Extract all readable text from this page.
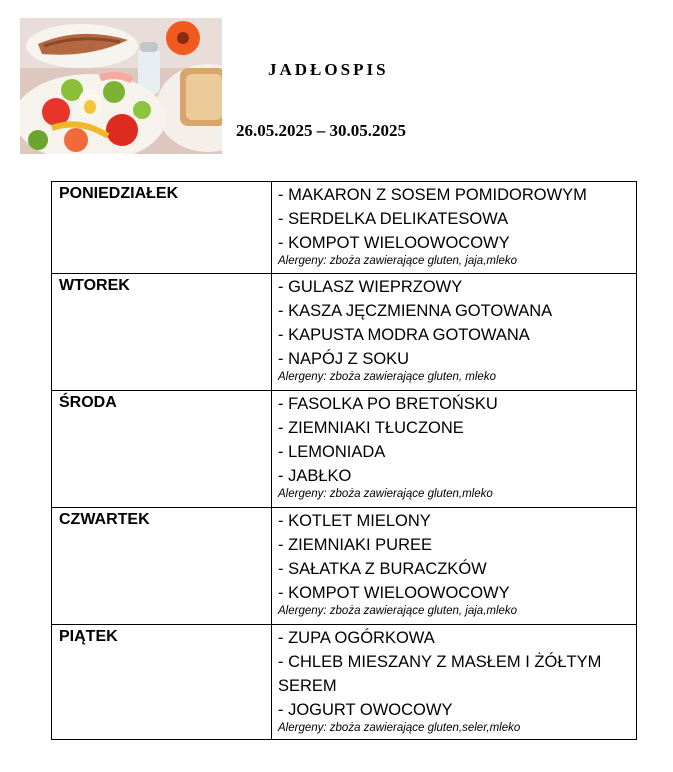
JADŁOSPIS
26.05.2025 – 30.05.2025
PONIEDZIAŁEK	- MAKARON Z SOSEM POMIDOROWYM
- SERDELKA DELIKATESOWA
- KOMPOT WIELOOWOCOWY
Alergeny: zboża zawierające gluten, jaja,mleko

WTOREK	- GULASZ WIEPRZOWY
- KASZA JĘCZMIENNA GOTOWANA
- KAPUSTA MODRA GOTOWANA
- NAPÓJ Z SOKU
Alergeny: zboża zawierające gluten, mleko

ŚRODA	- FASOLKA PO BRETOŃSKU
- ZIEMNIAKI TŁUCZONE
- LEMONIADA
- JABŁKO
Alergeny: zboża zawierające gluten,mleko

CZWARTEK	- KOTLET MIELONY
- ZIEMNIAKI PUREE
- SAŁATKA Z BURACZKÓW
- KOMPOT WIELOOWOCOWY
Alergeny: zboża zawierające gluten, jaja,mleko

PIĄTEK	- ZUPA OGÓRKOWA
- CHLEB MIESZANY Z MASŁEM I ŻÓŁTYM SEREM
- JOGURT OWOCOWY
Alergeny: zboża zawierające gluten,seler,mleko
